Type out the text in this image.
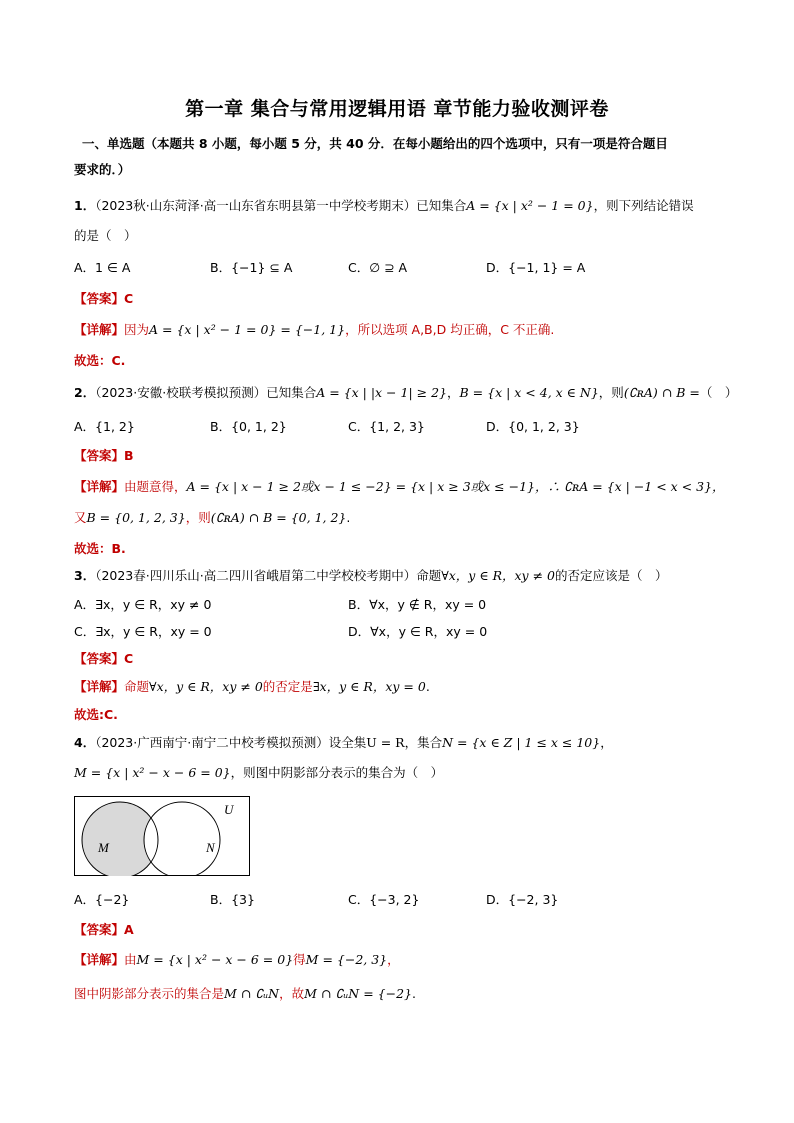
第一章 集合与常用逻辑用语 章节能力验收测评卷
一、单选题（本题共 8 小题，每小题 5 分，共 40 分．在每小题给出的四个选项中，只有一项是符合题目
要求的．）
1．（2023秋·山东菏泽·高一山东省东明县第一中学校考期末）已知集合A = {x | x² − 1 = 0}，则下列结论错误
的是（　）
A．1 ∈ A	B．{−1} ⊆ A	C．∅ ⊇ A	D．{−1, 1} = A
【答案】C
【详解】因为A = {x | x² − 1 = 0} = {−1, 1}，所以选项 A,B,D 均正确，C 不正确.
故选：C.
2．（2023·安徽·校联考模拟预测）已知集合A = {x | |x − 1| ≥ 2}，B = {x | x < 4, x ∈ N}，则(∁ʀA) ∩ B =（　）
A．{1, 2}	B．{0, 1, 2}	C．{1, 2, 3}	D．{0, 1, 2, 3}
【答案】B
【详解】由题意得，A = {x | x − 1 ≥ 2或x − 1 ≤ −2} = {x | x ≥ 3或x ≤ −1}，∴ ∁ʀA = {x | −1 < x < 3}，
又B = {0, 1, 2, 3}，则(∁ʀA) ∩ B = {0, 1, 2}.
故选：B.
3．（2023春·四川乐山·高二四川省峨眉第二中学校校考期中）命题∀x，y ∈ R，xy ≠ 0的否定应该是（　）
A．∃x，y ∈ R，xy ≠ 0	B．∀x，y ∉ R，xy = 0
C．∃x，y ∈ R，xy = 0	D．∀x，y ∈ R，xy = 0
【答案】C
【详解】命题∀x，y ∈ R，xy ≠ 0的否定是∃x，y ∈ R，xy = 0.
故选:C.
4．（2023·广西南宁·南宁二中校考模拟预测）设全集U = R，集合N = {x ∈ Z | 1 ≤ x ≤ 10}，
M = {x | x² − x − 6 = 0}，则图中阴影部分表示的集合为（　）
U
M	N
A．{−2}	B．{3}	C．{−3, 2}	D．{−2, 3}
【答案】A
【详解】由M = {x | x² − x − 6 = 0}得M = {−2, 3}，
图中阴影部分表示的集合是M ∩ ∁ᵤN，故M ∩ ∁ᵤN = {−2}.
